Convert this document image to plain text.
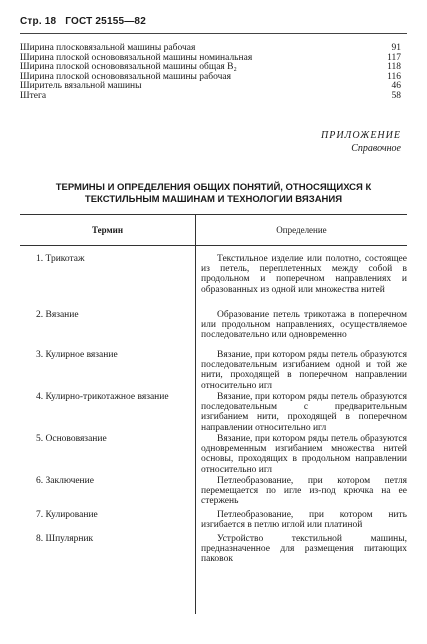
Стр. 18 ГОСТ 25155—82
Ширина плосковязальной машины рабочая	91
Ширина плоской основовязальной машины номинальная	117
Ширина плоской основовязальной машины общая B₂	118
Ширина плоской основовязальной машины рабочая	116
Ширитель вязальной машины	46
Штега	58
ПРИЛОЖЕНИЕ
Справочное
ТЕРМИНЫ И ОПРЕДЕЛЕНИЯ ОБЩИХ ПОНЯТИЙ, ОТНОСЯЩИХСЯ К
ТЕКСТИЛЬНЫМ МАШИНАМ И ТЕХНОЛОГИИ ВЯЗАНИЯ
Термин	Определение
1. Трикотаж	Текстильное изделие или полотно, состоящее из петель, переплетенных между собой в продольном и поперечном направлениях и образованных из одной или множества нитей
2. Вязание	Образование петель трикотажа в поперечном или продольном направлениях, осуществляемое последовательно или одновременно
3. Кулирное вязание	Вязание, при котором ряды петель образуются последовательным изгибанием одной и той же нити, проходящей в поперечном направлении относительно игл
4. Кулирно-трикотажное вязание	Вязание, при котором ряды петель образуются последовательным с предварительным изгибанием нити, проходящей в поперечном направлении относительно игл
5. Основовязание	Вязание, при котором ряды петель образуются одновременным изгибанием множества нитей основы, проходящих в продольном направлении относительно игл
6. Заключение	Петлеобразование, при котором петля перемещается по игле из-под крючка на ее стержень
7. Кулирование	Петлеобразование, при котором нить изгибается в петлю иглой или платиной
8. Шпулярник	Устройство текстильной машины, предназначенное для размещения питающих паковок
